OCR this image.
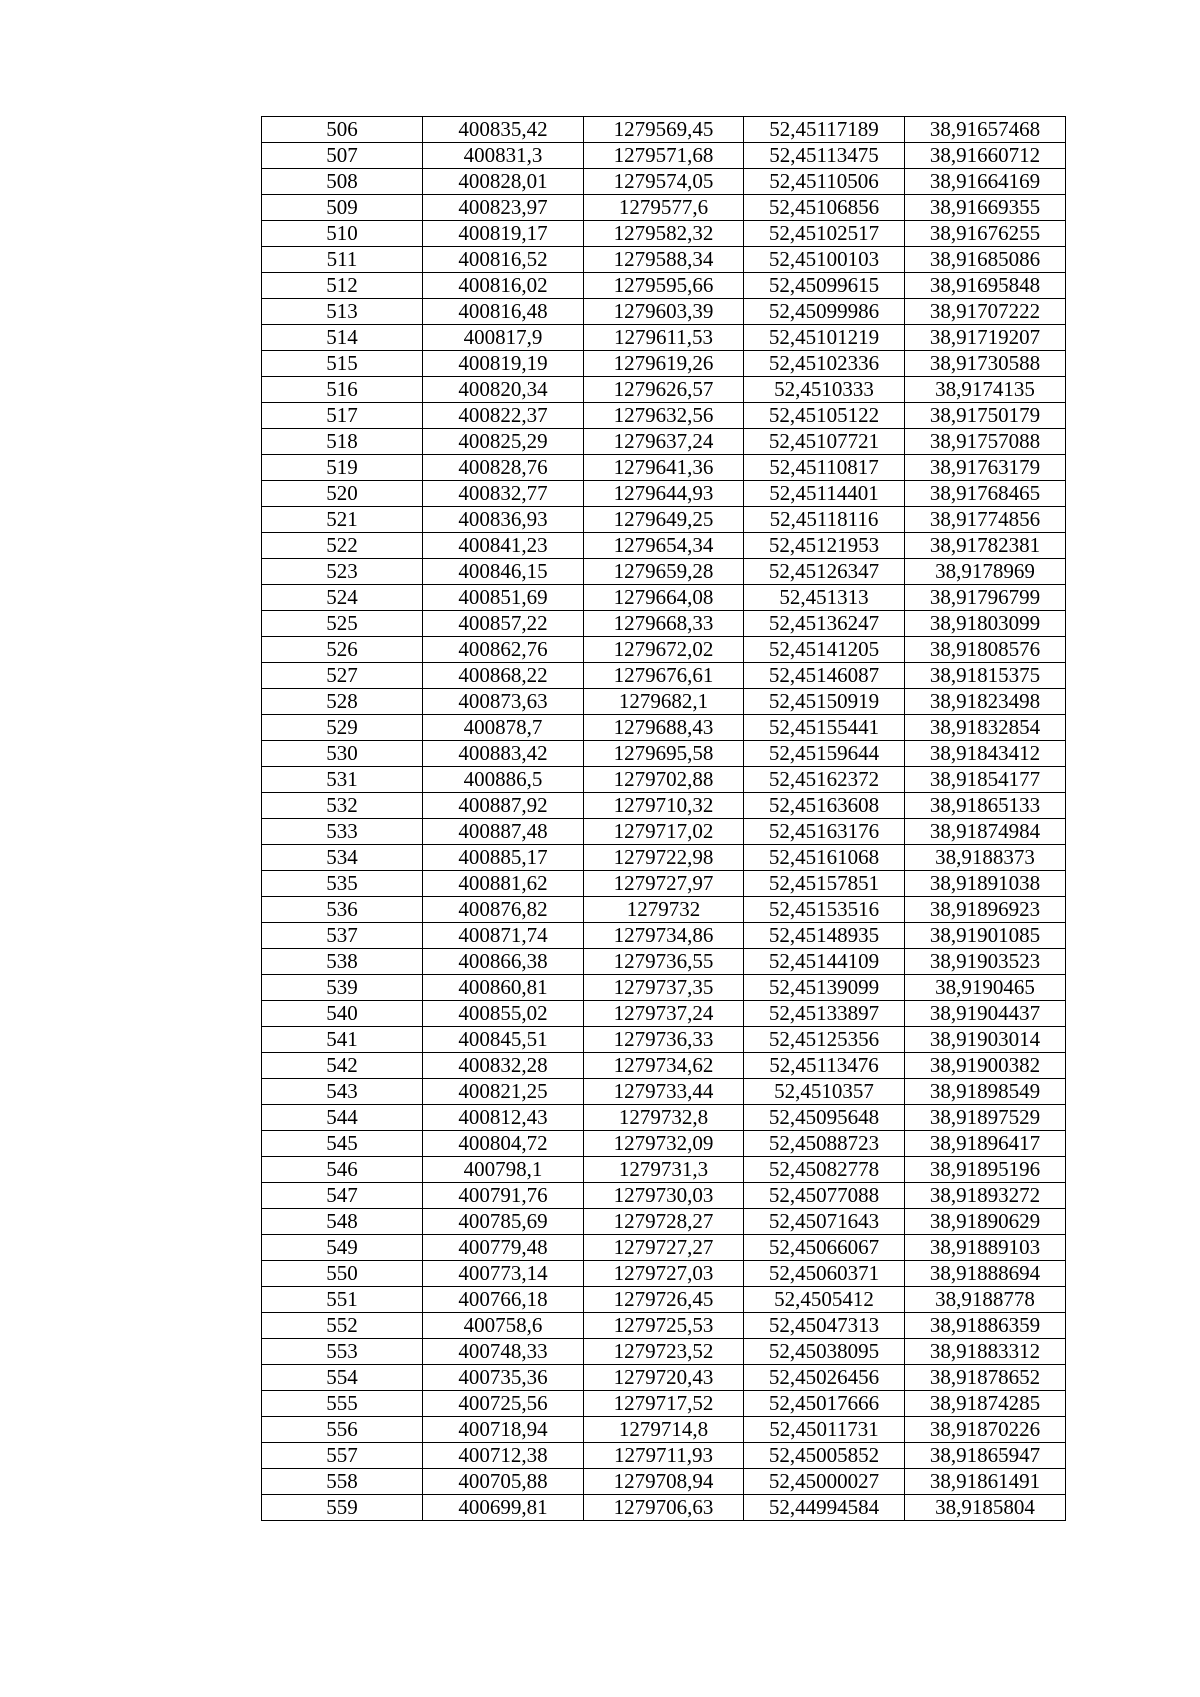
506	400835,42	1279569,45	52,45117189	38,91657468
507	400831,3	1279571,68	52,45113475	38,91660712
508	400828,01	1279574,05	52,45110506	38,91664169
509	400823,97	1279577,6	52,45106856	38,91669355
510	400819,17	1279582,32	52,45102517	38,91676255
511	400816,52	1279588,34	52,45100103	38,91685086
512	400816,02	1279595,66	52,45099615	38,91695848
513	400816,48	1279603,39	52,45099986	38,91707222
514	400817,9	1279611,53	52,45101219	38,91719207
515	400819,19	1279619,26	52,45102336	38,91730588
516	400820,34	1279626,57	52,4510333	38,9174135
517	400822,37	1279632,56	52,45105122	38,91750179
518	400825,29	1279637,24	52,45107721	38,91757088
519	400828,76	1279641,36	52,45110817	38,91763179
520	400832,77	1279644,93	52,45114401	38,91768465
521	400836,93	1279649,25	52,45118116	38,91774856
522	400841,23	1279654,34	52,45121953	38,91782381
523	400846,15	1279659,28	52,45126347	38,9178969
524	400851,69	1279664,08	52,451313	38,91796799
525	400857,22	1279668,33	52,45136247	38,91803099
526	400862,76	1279672,02	52,45141205	38,91808576
527	400868,22	1279676,61	52,45146087	38,91815375
528	400873,63	1279682,1	52,45150919	38,91823498
529	400878,7	1279688,43	52,45155441	38,91832854
530	400883,42	1279695,58	52,45159644	38,91843412
531	400886,5	1279702,88	52,45162372	38,91854177
532	400887,92	1279710,32	52,45163608	38,91865133
533	400887,48	1279717,02	52,45163176	38,91874984
534	400885,17	1279722,98	52,45161068	38,9188373
535	400881,62	1279727,97	52,45157851	38,91891038
536	400876,82	1279732	52,45153516	38,91896923
537	400871,74	1279734,86	52,45148935	38,91901085
538	400866,38	1279736,55	52,45144109	38,91903523
539	400860,81	1279737,35	52,45139099	38,9190465
540	400855,02	1279737,24	52,45133897	38,91904437
541	400845,51	1279736,33	52,45125356	38,91903014
542	400832,28	1279734,62	52,45113476	38,91900382
543	400821,25	1279733,44	52,4510357	38,91898549
544	400812,43	1279732,8	52,45095648	38,91897529
545	400804,72	1279732,09	52,45088723	38,91896417
546	400798,1	1279731,3	52,45082778	38,91895196
547	400791,76	1279730,03	52,45077088	38,91893272
548	400785,69	1279728,27	52,45071643	38,91890629
549	400779,48	1279727,27	52,45066067	38,91889103
550	400773,14	1279727,03	52,45060371	38,91888694
551	400766,18	1279726,45	52,4505412	38,9188778
552	400758,6	1279725,53	52,45047313	38,91886359
553	400748,33	1279723,52	52,45038095	38,91883312
554	400735,36	1279720,43	52,45026456	38,91878652
555	400725,56	1279717,52	52,45017666	38,91874285
556	400718,94	1279714,8	52,45011731	38,91870226
557	400712,38	1279711,93	52,45005852	38,91865947
558	400705,88	1279708,94	52,45000027	38,91861491
559	400699,81	1279706,63	52,44994584	38,9185804
